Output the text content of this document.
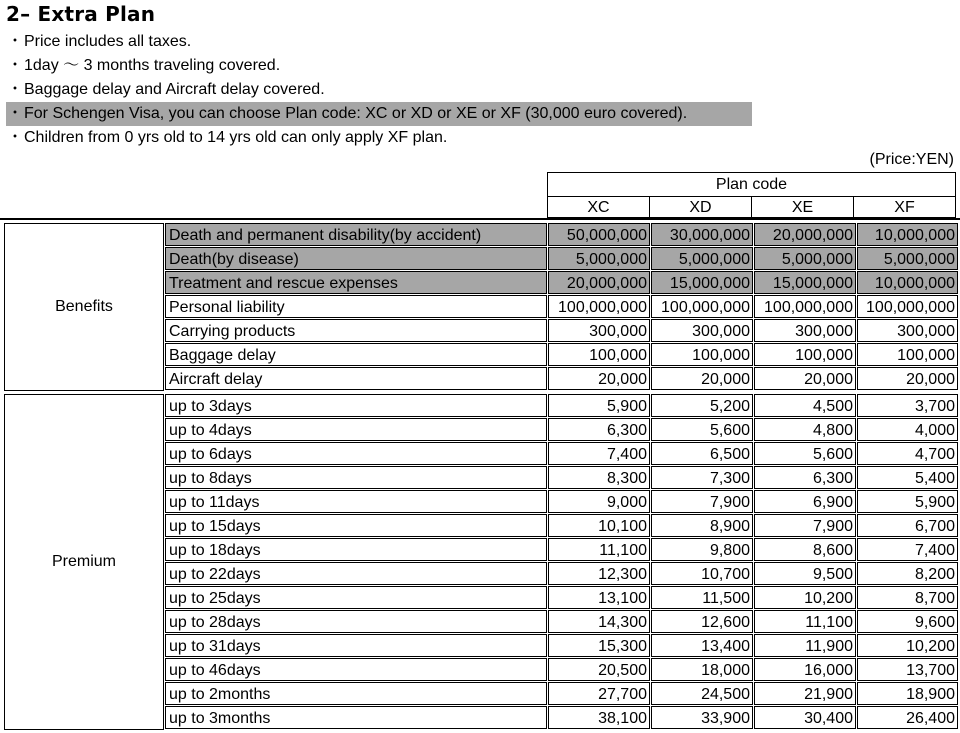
2– Extra Plan
・Price includes all taxes.
・1day 〜 3 months traveling covered.
・Baggage delay and Aircraft delay covered.
・For Schengen Visa, you can choose Plan code: XC or XD or XE or XF (30,000 euro covered).
・Children from 0 yrs old to 14 yrs old can only apply XF plan.
(Price:YEN)
Plan code
XC	XD	XE	XF
Benefits
Death and permanent disability(by accident)	50,000,000	30,000,000	20,000,000	10,000,000
Death(by disease)	5,000,000	5,000,000	5,000,000	5,000,000
Treatment and rescue expenses	20,000,000	15,000,000	15,000,000	10,000,000
Personal liability	100,000,000 100,000,000 100,000,000 100,000,000
Carrying products	300,000	300,000	300,000	300,000
Baggage delay	100,000	100,000	100,000	100,000
Aircraft delay	20,000	20,000	20,000	20,000
Premium
up to 3days	5,900	5,200	4,500	3,700
up to 4days	6,300	5,600	4,800	4,000
up to 6days	7,400	6,500	5,600	4,700
up to 8days	8,300	7,300	6,300	5,400
up to 11days	9,000	7,900	6,900	5,900
up to 15days	10,100	8,900	7,900	6,700
up to 18days	11,100	9,800	8,600	7,400
up to 22days	12,300	10,700	9,500	8,200
up to 25days	13,100	11,500	10,200	8,700
up to 28days	14,300	12,600	11,100	9,600
up to 31days	15,300	13,400	11,900	10,200
up to 46days	20,500	18,000	16,000	13,700
up to 2months	27,700	24,500	21,900	18,900
up to 3months	38,100	33,900	30,400	26,400
